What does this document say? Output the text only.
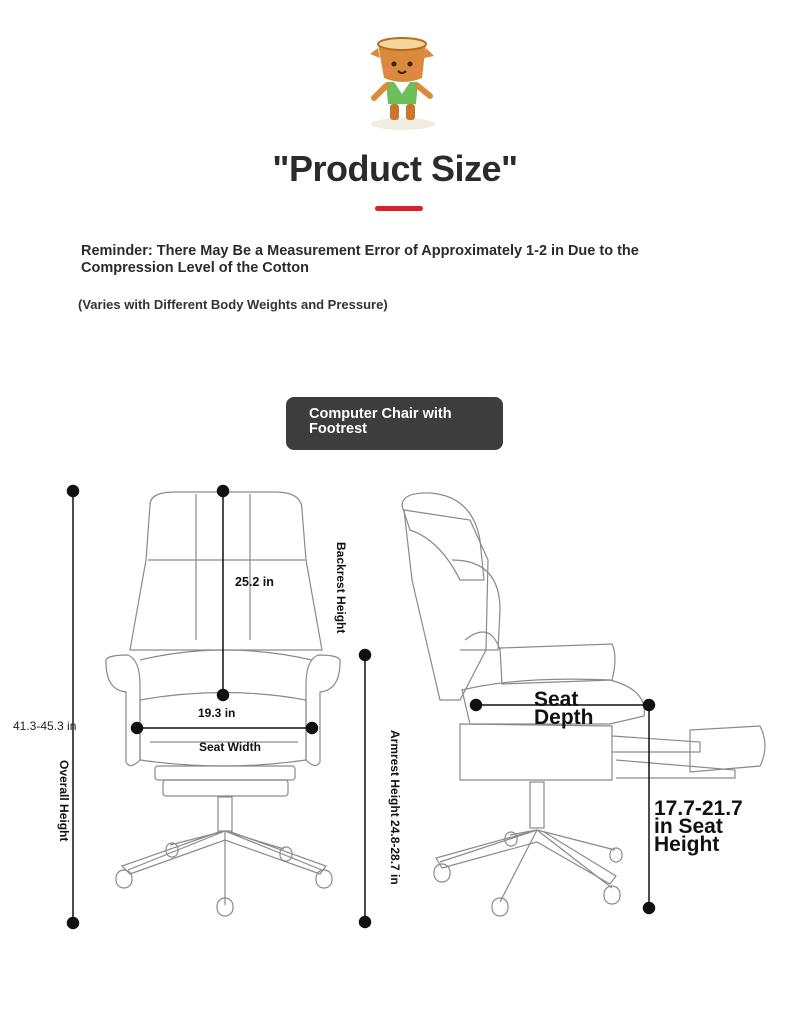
"Product Size"
Reminder: There May Be a Measurement Error of Approximately 1-2 in Due to the Compression Level of the Cotton
(Varies with Different Body Weights and Pressure)
Computer Chair with Footrest
25.2 in	Backrest Height
19.3 in
Seat Width
41.3-45.3 in
Overall Height	Armrest Height 24.8-28.7 in
Seat Depth
17.7-21.7 in Seat Height
